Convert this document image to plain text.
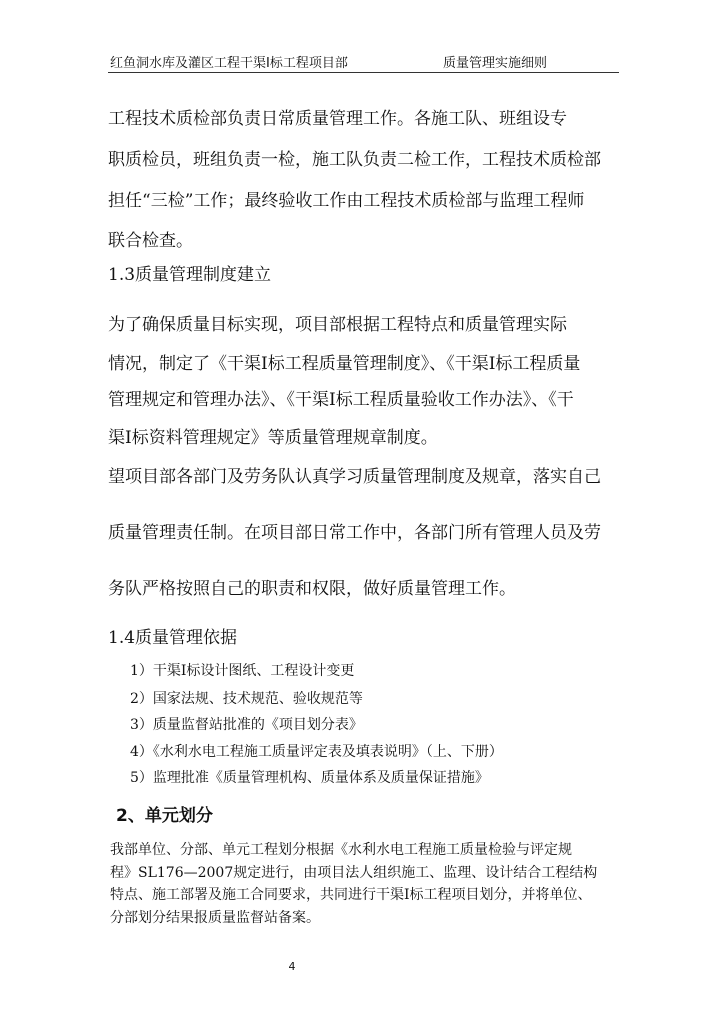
红鱼洞水库及灌区工程干渠Ⅰ标工程项目部	质量管理实施细则
工程技术质检部负责日常质量管理工作。各施工队、班组设专
职质检员，班组负责一检，施工队负责二检工作，工程技术质检部
担任“三检”工作；最终验收工作由工程技术质检部与监理工程师
联合检查。
1.3质量管理制度建立
为了确保质量目标实现，项目部根据工程特点和质量管理实际
情况，制定了《干渠Ⅰ标工程质量管理制度》、《干渠Ⅰ标工程质量
管理规定和管理办法》、《干渠Ⅰ标工程质量验收工作办法》、《干
渠Ⅰ标资料管理规定》等质量管理规章制度。
望项目部各部门及劳务队认真学习质量管理制度及规章，落实自己
质量管理责任制。在项目部日常工作中，各部门所有管理人员及劳
务队严格按照自己的职责和权限，做好质量管理工作。
1.4质量管理依据
1）干渠Ⅰ标设计图纸、工程设计变更
2）国家法规、技术规范、验收规范等
3）质量监督站批准的《项目划分表》
4）《水利水电工程施工质量评定表及填表说明》（上、下册）
5）监理批准《质量管理机构、质量体系及质量保证措施》
2、单元划分
我部单位、分部、单元工程划分根据《水利水电工程施工质量检验与评定规
程》SL176—2007规定进行，由项目法人组织施工、监理、设计结合工程结构
特点、施工部署及施工合同要求，共同进行干渠Ⅰ标工程项目划分，并将单位、
分部划分结果报质量监督站备案。
4
